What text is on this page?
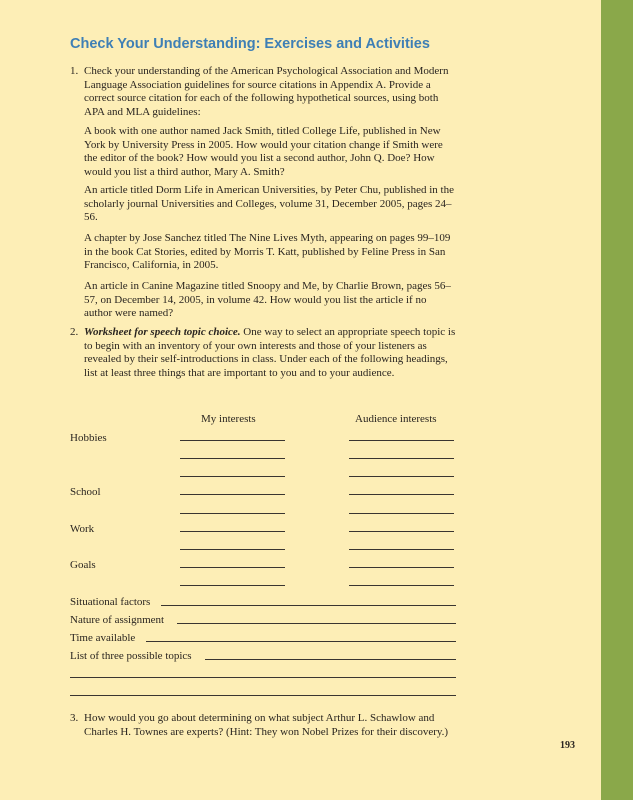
Check Your Understanding: Exercises and Activities
1. Check your understanding of the American Psychological Association and Modern Language Association guidelines for source citations in Appendix A. Provide a correct source citation for each of the following hypothetical sources, using both APA and MLA guidelines:
A book with one author named Jack Smith, titled College Life, published in New York by University Press in 2005. How would your citation change if Smith were the editor of the book? How would you list a second author, John Q. Doe? How would you list a third author, Mary A. Smith?
An article titled Dorm Life in American Universities, by Peter Chu, published in the scholarly journal Universities and Colleges, volume 31, December 2005, pages 24–56.
A chapter by Jose Sanchez titled The Nine Lives Myth, appearing on pages 99–109 in the book Cat Stories, edited by Morris T. Katt, published by Feline Press in San Francisco, California, in 2005.
An article in Canine Magazine titled Snoopy and Me, by Charlie Brown, pages 56–57, on December 14, 2005, in volume 42. How would you list the article if no author were named?
2. Worksheet for speech topic choice. One way to select an appropriate speech topic is to begin with an inventory of your own interests and those of your listeners as revealed by their self-introductions in class. Under each of the following headings, list at least three things that are important to you and to your audience.
My interests	Audience interests
Hobbies
School
Work
Goals
Situational factors
Nature of assignment
Time available
List of three possible topics
3. How would you go about determining on what subject Arthur L. Schawlow and Charles H. Townes are experts? (Hint: They won Nobel Prizes for their discovery.)
193
